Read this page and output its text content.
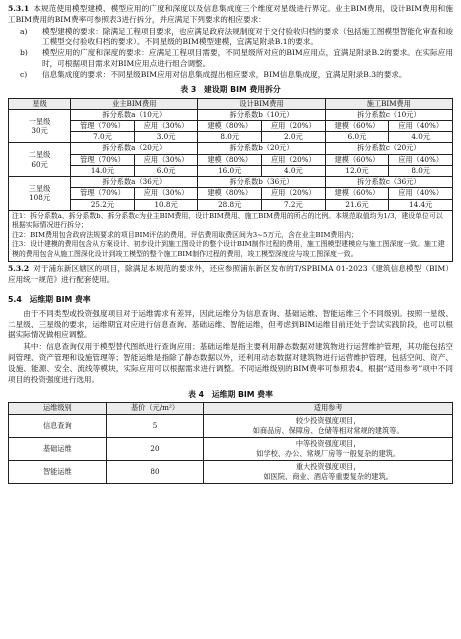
5.3.1 本规范使用模型建模、模型应用的广度和深度以及信息集成度三个维度对星级进行界定。业主BIM费用，设计BIM费用和施工BIM费用的BIM费率可参照表3进行拆分，并应满足下列要求的相应要求：

a)	模型建模的要求：除满足工程项目要求，也应满足政府法规制度对于交付验收归档的要求（包括施工图模型智能化审查和竣工模型交付验收归档的要求）。不同星级的BIM模型建模，宜满足附录B.1的要求。
b)	模型应用的广度和深度的要求：应满足工程项目需要，不同星级所对应的BIM应用点，宜满足附录B.2的要求。在实际应用时，可根据项目需求对BIM应用点进行组合调整。
c)	信息集成度的要求：不同星级BIM应用对信息集成提出相应要求，BIM信息集成度，宜满足附录B.3的要求。
表 3　建设期 BIM 费用拆分
星级	业主BIM费用		设计BIM费用		施工BIM费用	

一星级
30元	拆分系数a（10元）		拆分系数b（10元）		拆分系数c（10元）	
	管理（70%）	应用（30%）	建模（80%）	应用（20%）	建模（60%）	应用（40%）
	7.0元	3.0元	8.0元	2.0元	6.0元	4.0元

二星级
60元	拆分系数a（20元）		拆分系数b（20元）		拆分系数c（20元）	
	管理（70%）	应用（30%）	建模（80%）	应用（20%）	建模（60%）	应用（40%）
	14.0元	6.0元	16.0元	4.0元	12.0元	8.0元

三星级
108元	拆分系数a（36元）		拆分系数b（36元）		拆分系数c（36元）	
	管理（70%）	应用（30%）	建模（80%）	应用（20%）	建模（60%）	应用（40%）
	25.2元	10.8元	28.8元	7.2元	21.6元	14.4元

注1：拆分系数a、拆分系数b、拆分系数c为业主BIM费用、设计BIM费用、施工BIM费用的所占的比例。本规范取值均为1/3，建设单位可以根据实际情况进行拆分；

注2：BIM费用包含政府法规要求的项目BIM评估的费用，评估费用取费区间为3~5万元，含在业主BIM费用内；

注3：设计建模的费用包含从方案设计、初步设计到施工图设计的整个设计BIM制作过程的费用，施工图模型建模应与施工图深度一致。施工建模的费用包含从施工图深化设计到竣工模型的整个施工BIM制作过程的费用，竣工模型深度应与竣工图深度一致。

5.3.2 对于浦东新区辖区的项目，除满足本规范的要求外，还应参照浦东新区发布的T/SPBIMA 01-2023《建筑信息模型（BIM）应用统一规范》进行配套使用。

5.4　运维期 BIM 费率

由于不同类型或投资强度项目对于运维需求有差异，因此运维分为信息查询、基础运维、智能运维三个不同级别。按照一星级、二星级、三星级的要求，运维期宜对应进行信息查询、基础运维、智能运维，但考虑到BIM运维目前还处于尝试实践阶段，也可以根据实际情况做相应调整。

其中：信息查询仅用于模型替代图纸进行查询应用；基础运维是指主要利用静态数据对建筑物进行运营维护管理，其功能包括空间管理、资产管理和设施管理等；智能运维是指除了静态数据以外，还利用动态数据对建筑物进行运营维护管理，包括空间、资产、设施、能源、安全、流线等模块，实际应用可以根据需求进行调整。不同运维级别的BIM费率可参照表4。根据“适用参考”项中不同项目的投资强度进行选用。

表 4　运维期 BIM 费率
运维级别	基价（元/m²）	适用参考
信息查询	5	较少投资强度项目，
如商品房、保障房、仓储等相对常规的建筑等。

基础运维	20	中等投资强度项目，
如学校、办公、常规厂房等一般复杂的建筑。

智能运维	80	重大投资强度项目，
如医院、商业、酒店等重要复杂的建筑。
